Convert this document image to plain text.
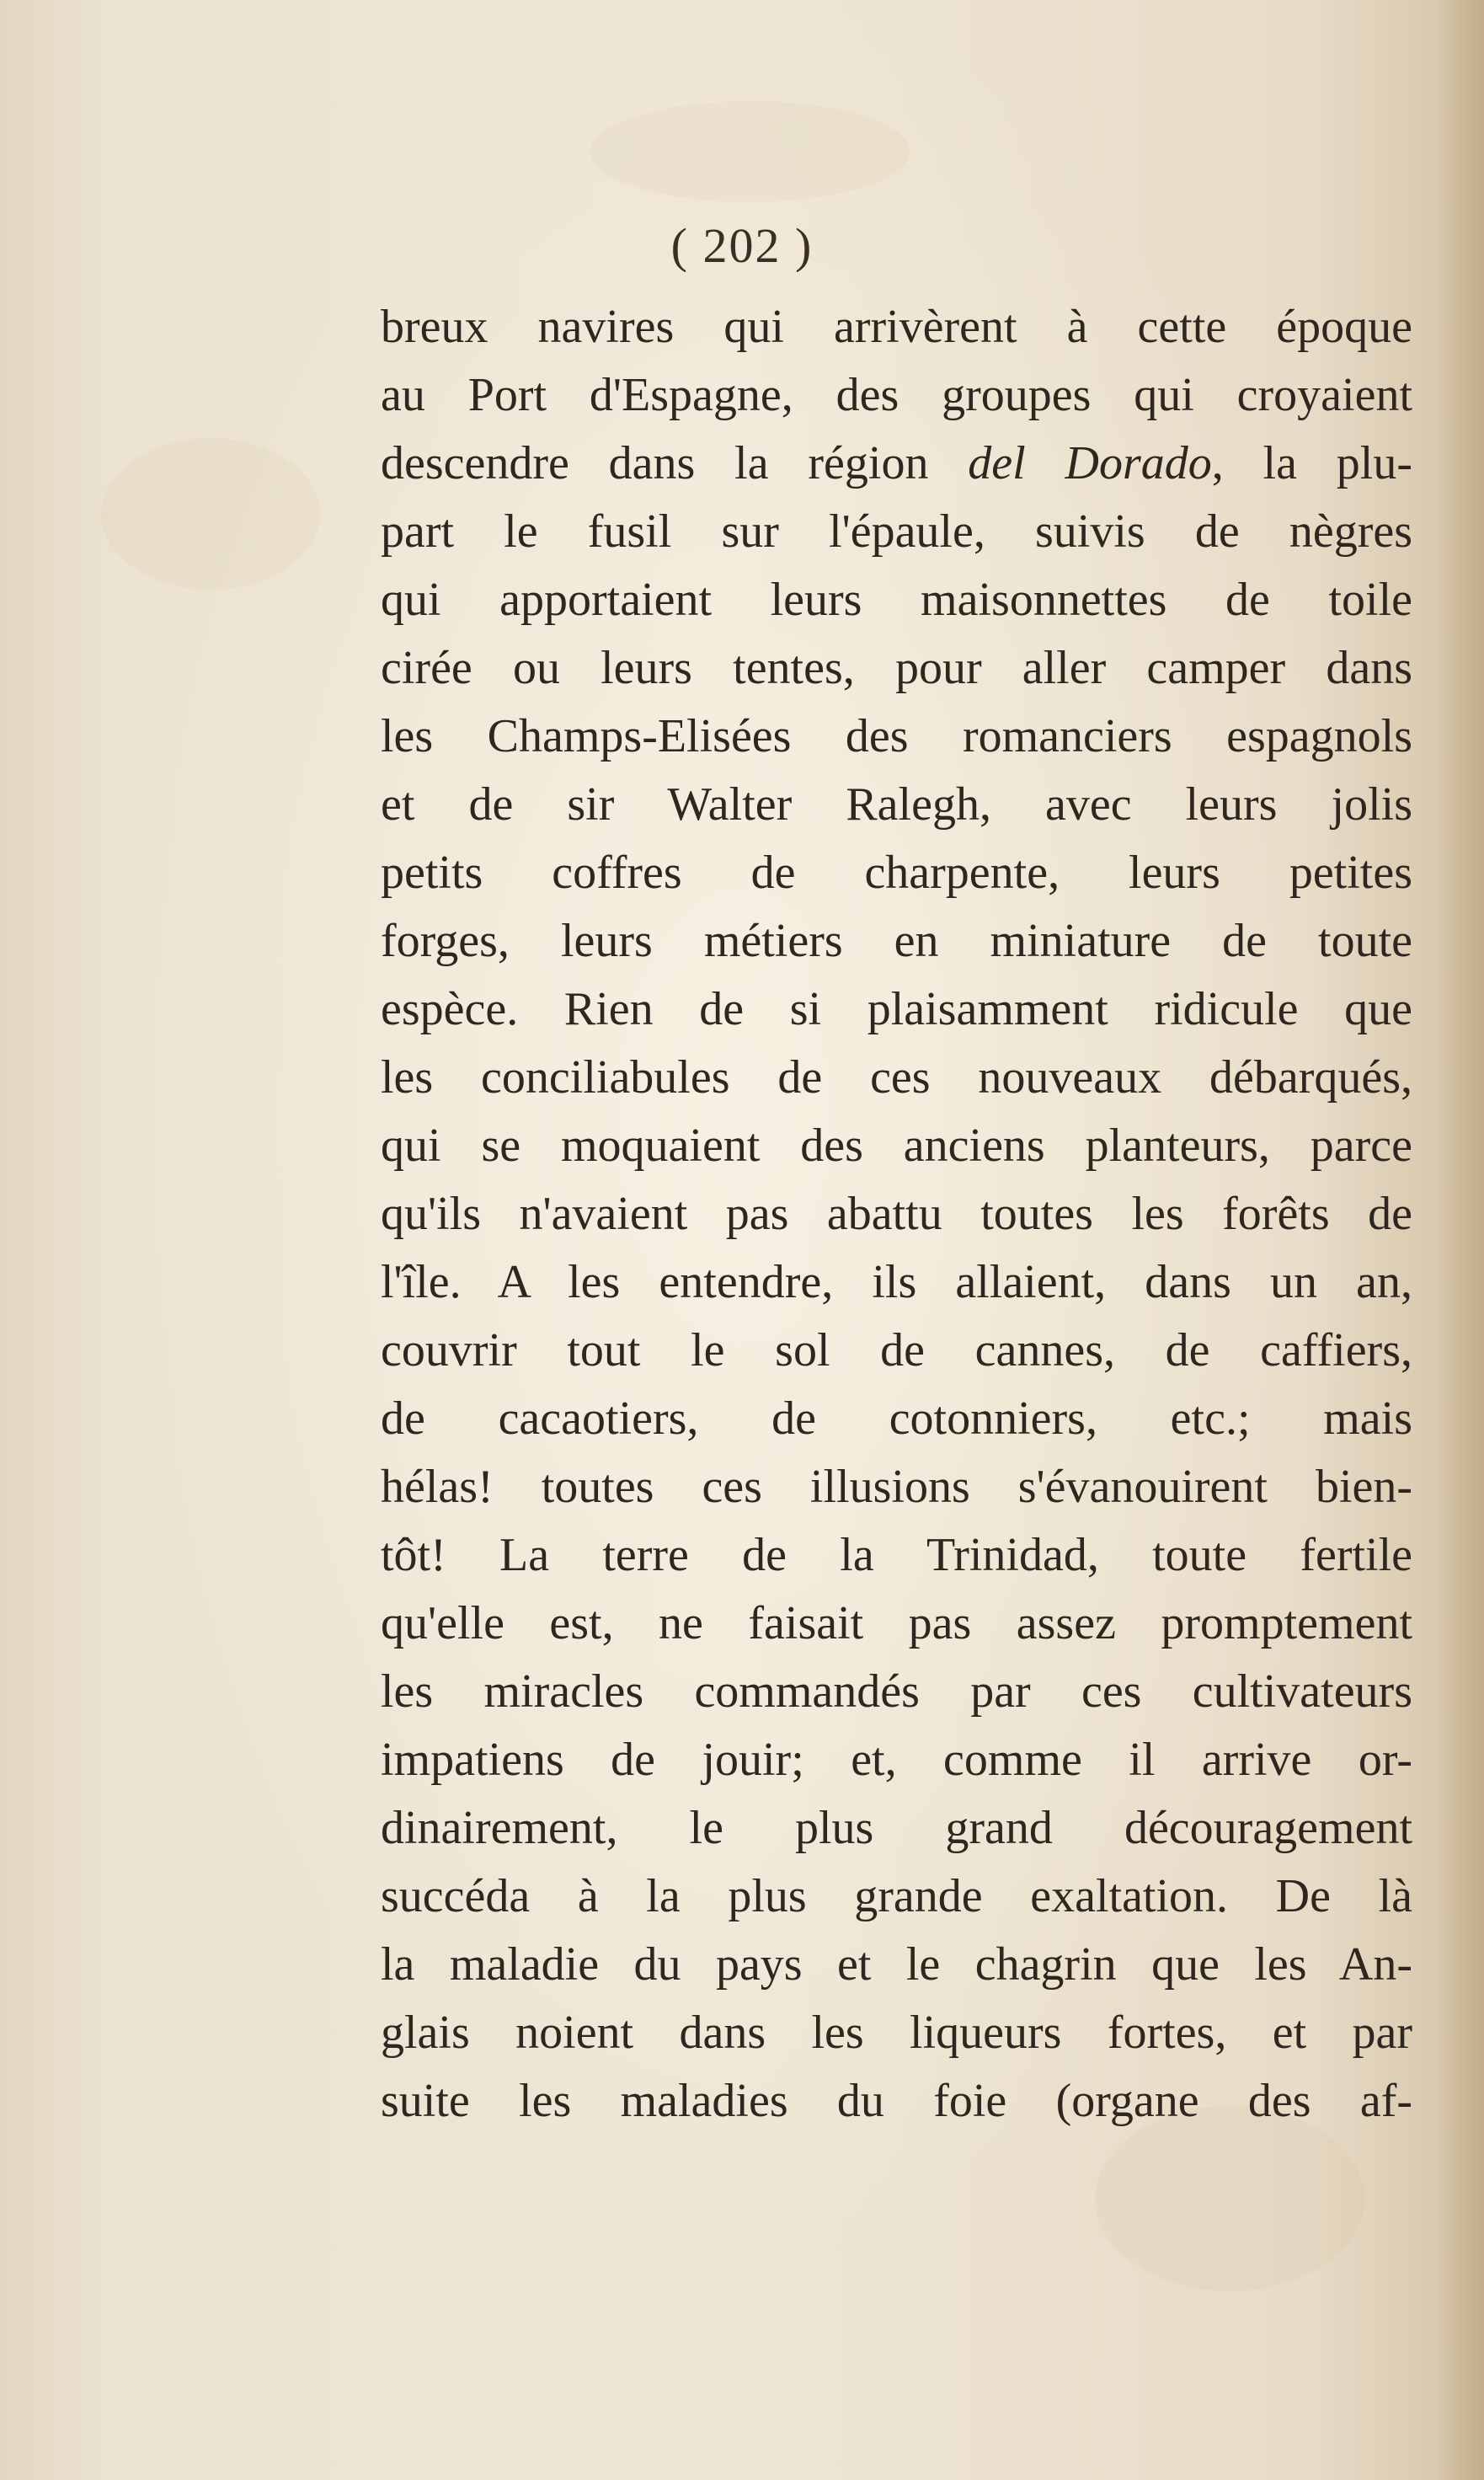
( 202 )
breux navires qui arrivèrent à cette époque
au Port d'Espagne, des groupes qui croyaient
descendre dans la région del Dorado, la plu-
part le fusil sur l'épaule, suivis de nègres
qui apportaient leurs maisonnettes de toile
cirée ou leurs tentes, pour aller camper dans
les Champs-Elisées des romanciers espagnols
et de sir Walter Ralegh, avec leurs jolis
petits coffres de charpente, leurs petites
forges, leurs métiers en miniature de toute
espèce. Rien de si plaisamment ridicule que
les conciliabules de ces nouveaux débarqués,
qui se moquaient des anciens planteurs, parce
qu'ils n'avaient pas abattu toutes les forêts de
l'île. A les entendre, ils allaient, dans un an,
couvrir tout le sol de cannes, de caffiers,
de cacaotiers, de cotonniers, etc.; mais
hélas! toutes ces illusions s'évanouirent bien-
tôt! La terre de la Trinidad, toute fertile
qu'elle est, ne faisait pas assez promptement
les miracles commandés par ces cultivateurs
impatiens de jouir; et, comme il arrive or-
dinairement, le plus grand découragement
succéda à la plus grande exaltation. De là
la maladie du pays et le chagrin que les An-
glais noient dans les liqueurs fortes, et par
suite les maladies du foie (organe des af-
